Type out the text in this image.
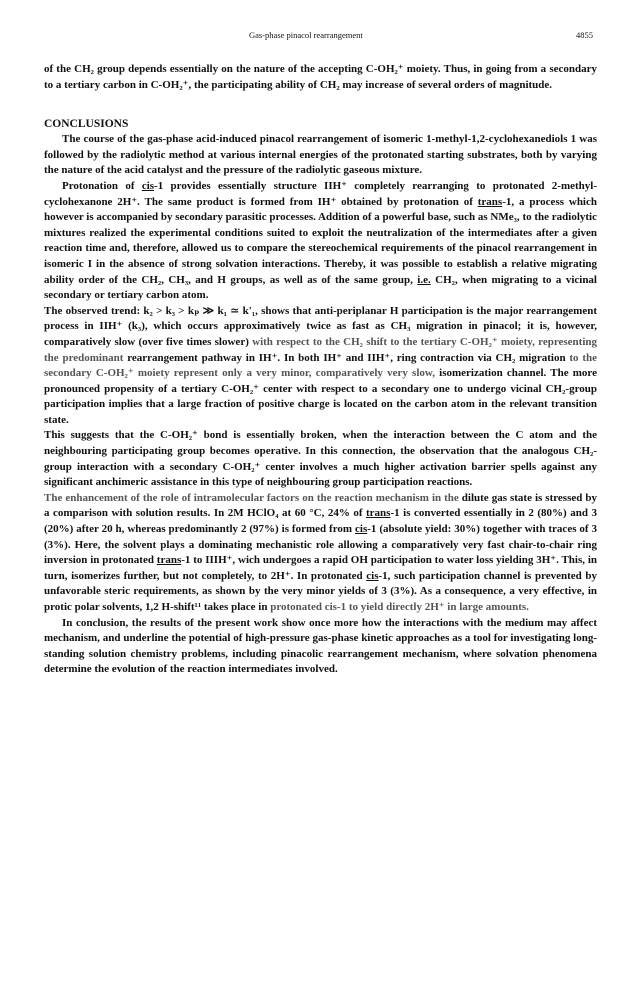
Gas-phase pinacol rearrangement	4855

of the CH₂ group depends essentially on the nature of the accepting C-OH₂⁺ moiety. Thus, in going from a secondary to a tertiary carbon in C-OH₂⁺, the participating ability of CH₂ may increase of several orders of magnitude.

CONCLUSIONS

The course of the gas-phase acid-induced pinacol rearrangement of isomeric 1-methyl-1,2-cyclohexanediols 1 was followed by the radiolytic method at various internal energies of the protonated starting substrates, both by varying the nature of the acid catalyst and the pressure of the radiolytic gaseous mixture.

Protonation of cis-1 provides essentially structure IIH⁺ completely rearranging to protonated 2-methyl-cyclohexanone 2H⁺. The same product is formed from IH⁺ obtained by protonation of trans-1, a process which however is accompanied by secondary parasitic processes. Addition of a powerful base, such as NMe₃, to the radiolytic mixtures realized the experimental conditions suited to exploit the neutralization of the intermediates after a given reaction time and, therefore, allowed us to compare the stereochemical requirements of the pinacol rearrangement in isomeric I in the absence of strong solvation interactions. Thereby, it was possible to establish a relative migrating ability order of the CH₂, CH₃, and H groups, as well as of the same group, i.e. CH₂, when migrating to a vicinal secondary or tertiary carbon atom.

The observed trend: k₂ > k₃ > kₚ ≫ k₁ ≃ k'₁, shows that anti-periplanar H participation is the major rearrangement process in IIH⁺ (k₃), which occurs approximatively twice as fast as CH₃ migration in pinacol; it is, however, comparatively slow (over five times slower) with respect to the CH₂ shift to the tertiary C-OH₂⁺ moiety, representing the predominant rearrangement pathway in IH⁺. In both IH⁺ and IIH⁺, ring contraction via CH₂ migration to the secondary C-OH₂⁺ moiety represent only a very minor, comparatively very slow, isomerization channel. The more pronounced propensity of a tertiary C-OH₂⁺ center with respect to a secondary one to undergo vicinal CH₂-group participation implies that a large fraction of positive charge is located on the carbon atom in the relevant transition state.

This suggests that the C-OH₂⁺ bond is essentially broken, when the interaction between the C atom and the neighbouring participating group becomes operative. In this connection, the observation that the analogous CH₂-group interaction with a secondary C-OH₂⁺ center involves a much higher activation barrier spells against any significant anchimeric assistance in this type of neighbouring group participation reactions.

The enhancement of the role of intramolecular factors on the reaction mechanism in the dilute gas state is stressed by a comparison with solution results. In 2M HClO₄ at 60 °C, 24% of trans-1 is converted essentially in 2 (80%) and 3 (20%) after 20 h, whereas predominantly 2 (97%) is formed from cis-1 (absolute yield: 30%) together with traces of 3 (3%). Here, the solvent plays a dominating mechanistic role allowing a comparatively very fast chair-to-chair ring inversion in protonated trans-1 to IIIH⁺, wich undergoes a rapid OH participation to water loss yielding 3H⁺. This, in turn, isomerizes further, but not completely, to 2H⁺. In protonated cis-1, such participation channel is prevented by unfavorable steric requirements, as shown by the very minor yields of 3 (3%). As a consequence, a very effective, in protic polar solvents, 1,2 H-shift¹¹ takes place in protonated cis-1 to yield directly 2H⁺ in large amounts.

In conclusion, the results of the present work show once more how the interactions with the medium may affect mechanism, and underline the potential of high-pressure gas-phase kinetic approaches as a tool for investigating long-standing solution chemistry problems, including pinacolic rearrangement mechanism, where solvation phenomena determine the evolution of the reaction intermediates involved.
